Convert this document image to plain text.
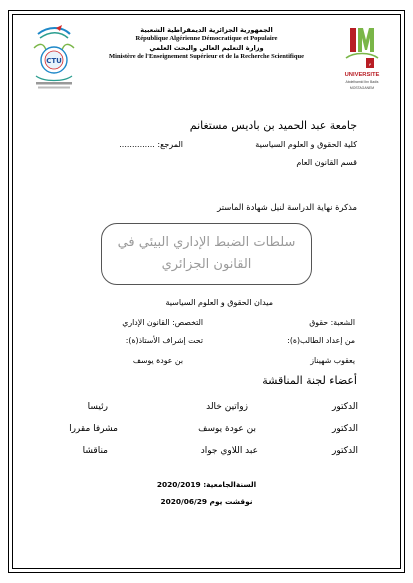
CTU	م
UNIVERSITE
Abdelhamid Ibn Badis
MOSTAGANEM
الجمهورية الجزائرية الديمقراطية الشعبية
République Algérienne Démocratique et Populaire
وزارة التعليم العالي والبحث العلمي
Ministère de l'Enseignement Supérieur et de la Recherche Scientifique
جامعة عبد الحميد بن باديس مستغانم
كلية الحقوق و العلوم السياسية
المرجع: ..............
قسم القانون العام
مذكرة نهاية الدراسة لنيل شهادة الماستر
سلطات الضبط الإداري البيئي في القانون الجزائري
ميدان الحقوق و العلوم السياسية
الشعبة: حقوق
التخصص: القانون الإداري
من إعداد الطالب(ة):
تحت إشراف الأستاذ(ة):
يعقوب شهيناز
بن عودة يوسف
أعضاء لجنة المناقشة
الدكتور
زواتين خالد
رئيسا
الدكتور
بن عودة يوسف
مشرفا مقررا
الدكتور
عبد اللاوي جواد
مناقشا
السنةالجامعية: 2020/2019
نوقشت يوم 2020/06/29
